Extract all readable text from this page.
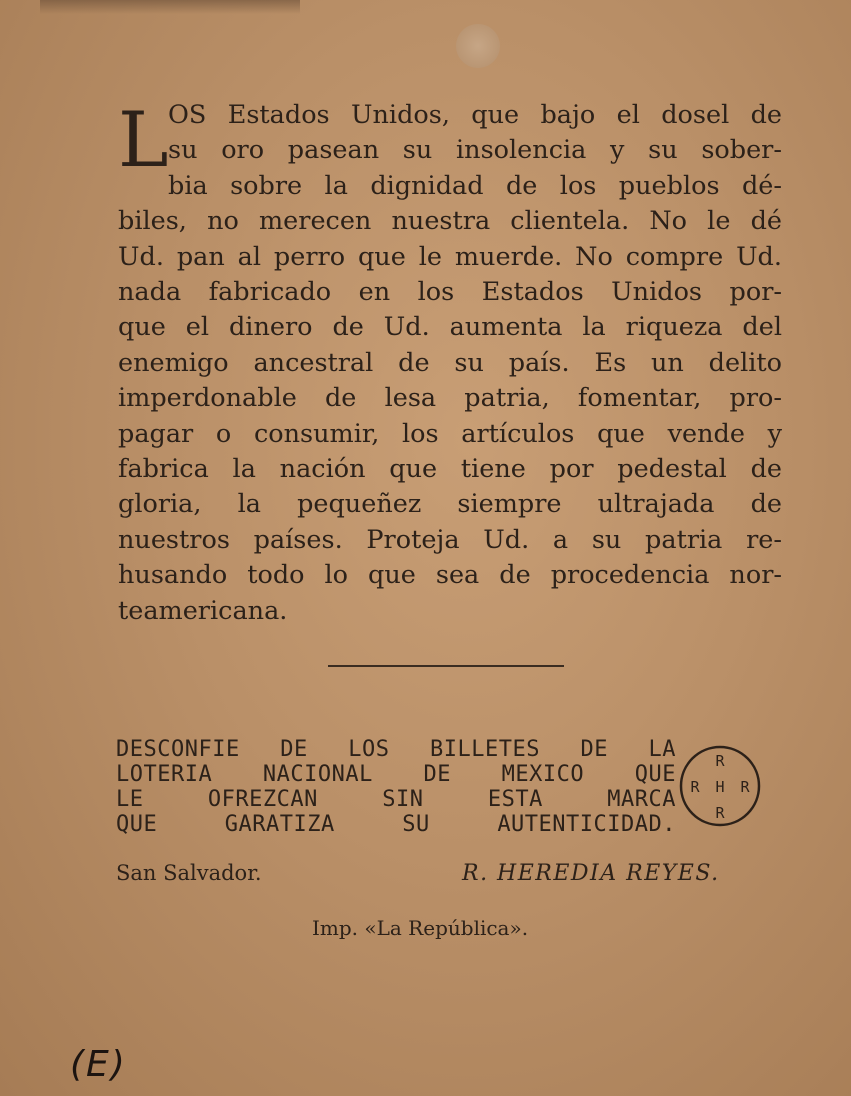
L OS Estados Unidos, que bajo el dosel de
su oro pasean su insolencia y su sober-
bia sobre la dignidad de los pueblos dé-
biles, no merecen nuestra clientela. No le dé
Ud. pan al perro que le muerde. No compre Ud.
nada fabricado en los Estados Unidos por-
que el dinero de Ud. aumenta la riqueza del
enemigo ancestral de su país. Es un delito
imperdonable de lesa patria, fomentar, pro-
pagar o consumir, los artículos que vende y
fabrica la nación que tiene por pedestal de
gloria, la pequeñez siempre ultrajada de
nuestros países. Proteja Ud. a su patria re-
husando todo lo que sea de procedencia nor-
teamericana.

DESCONFIE DE LOS BILLETES DE LA
LOTERIA NACIONAL DE MEXICO QUE
LE OFREZCAN SIN ESTA MARCA
QUE GARATIZA SU AUTENTICIDAD.

R
R H R
R
San Salvador.	R. HEREDIA REYES.
Imp. «La República».
(E)
